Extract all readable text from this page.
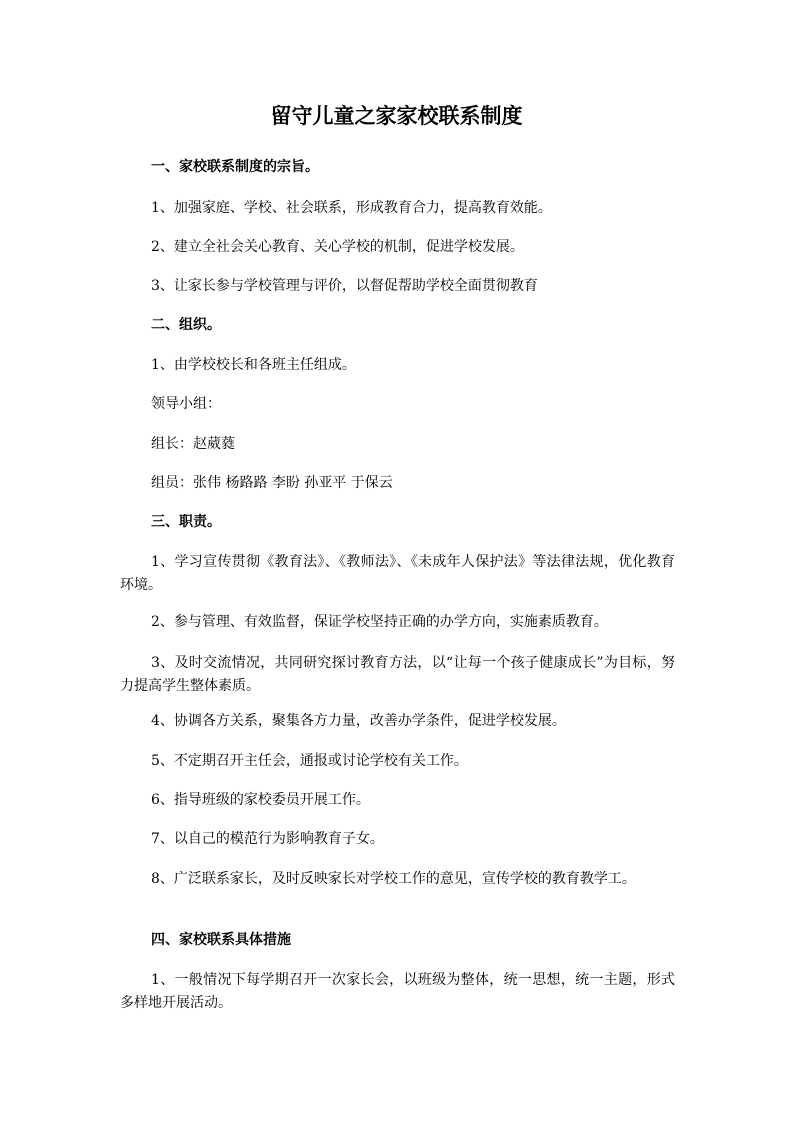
留守儿童之家家校联系制度
一、家校联系制度的宗旨。
1、加强家庭、学校、社会联系，形成教育合力，提高教育效能。
2、建立全社会关心教育、关心学校的机制，促进学校发展。
3、让家长参与学校管理与评价，以督促帮助学校全面贯彻教育
二、组织。
1、由学校校长和各班主任组成。
领导小组：
组长：赵葳蕤
组员：张伟 杨路路 李盼 孙亚平 于保云
三、职责。
1、学习宣传贯彻《教育法》、《教师法》、《未成年人保护法》等法律法规，优化教育环境。
2、参与管理、有效监督，保证学校坚持正确的办学方向，实施素质教育。
3、及时交流情况，共同研究探讨教育方法，以“让每一个孩子健康成长”为目标，努力提高学生整体素质。
4、协调各方关系，聚集各方力量，改善办学条件，促进学校发展。
5、不定期召开主任会，通报或讨论学校有关工作。
6、指导班级的家校委员开展工作。
7、以自己的模范行为影响教育子女。
8、广泛联系家长，及时反映家长对学校工作的意见，宣传学校的教育教学工。
四、家校联系具体措施
1、一般情况下每学期召开一次家长会，以班级为整体，统一思想，统一主题，形式多样地开展活动。
